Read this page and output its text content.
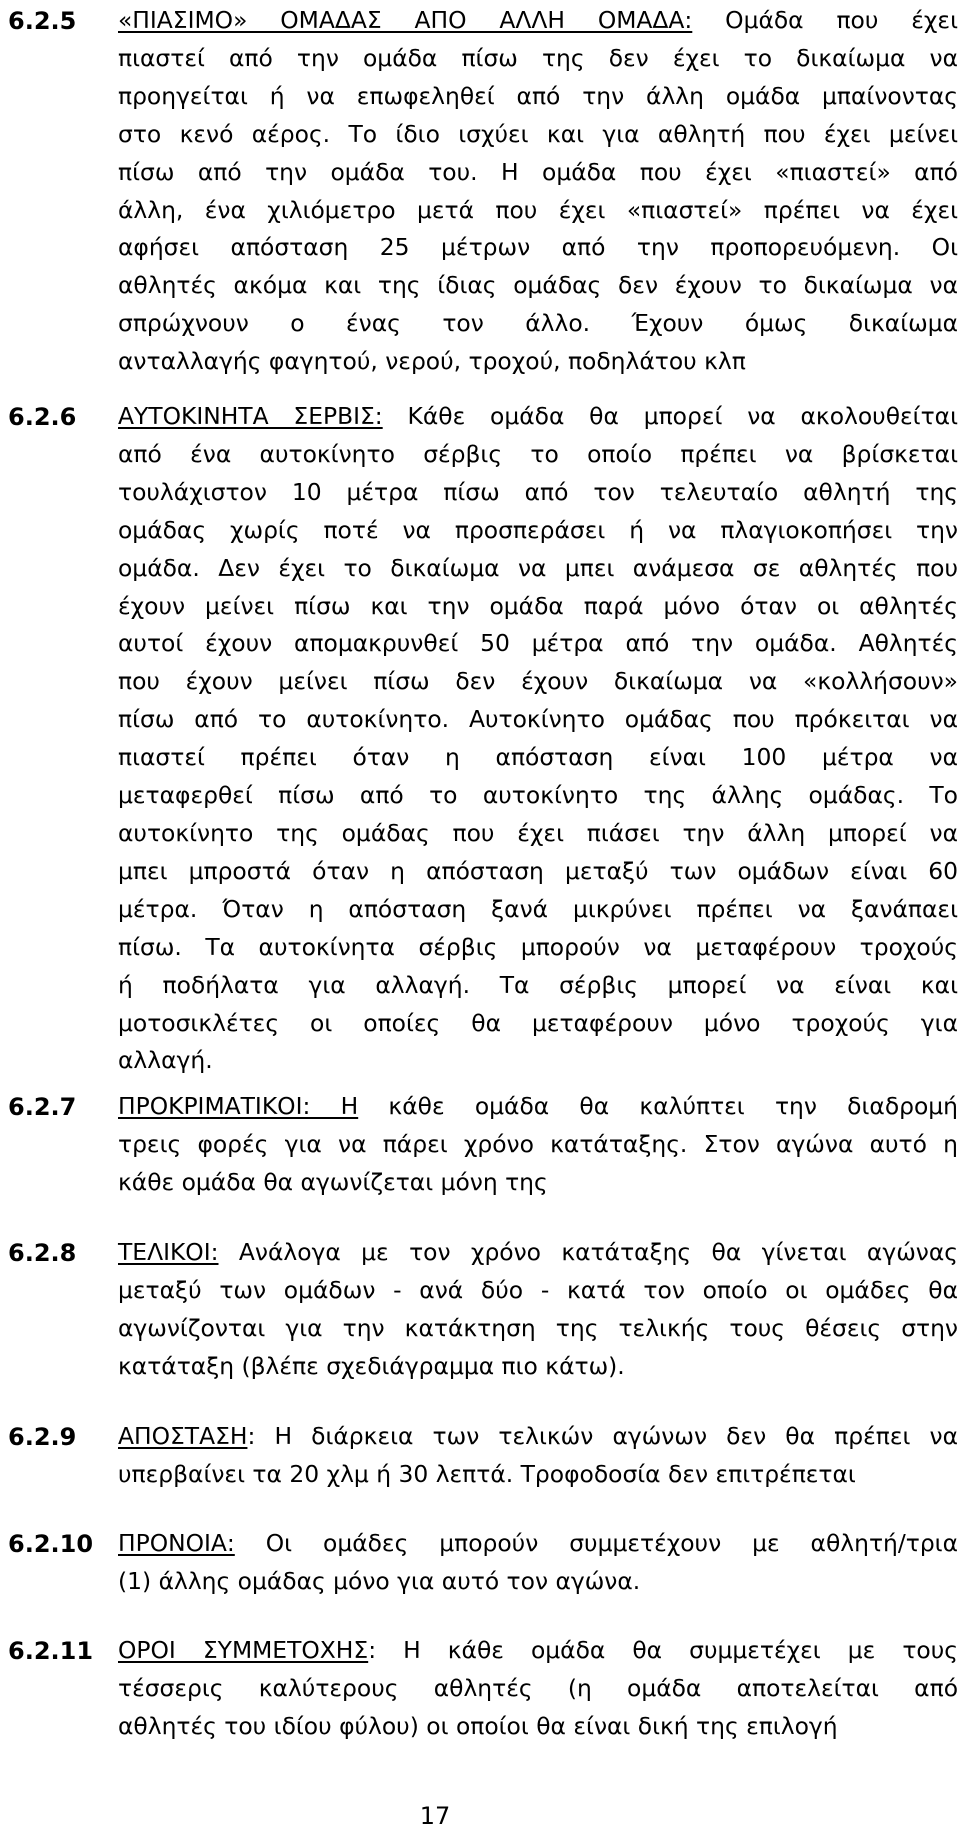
6.2.5	«ΠΙΑΣΙΜΟ» ΟΜΑΔΑΣ ΑΠΟ ΑΛΛΗ ΟΜΑΔΑ: Ομάδα που έχει
πιαστεί από την ομάδα πίσω της δεν έχει το δικαίωμα να
προηγείται ή να επωφεληθεί από την άλλη ομάδα μπαίνοντας
στο κενό αέρος. Το ίδιο ισχύει και για αθλητή που έχει μείνει
πίσω από την ομάδα του. Η ομάδα που έχει «πιαστεί» από
άλλη, ένα χιλιόμετρο μετά που έχει «πιαστεί» πρέπει να έχει
αφήσει απόσταση 25 μέτρων από την προπορευόμενη. Οι
αθλητές ακόμα και της ίδιας ομάδας δεν έχουν το δικαίωμα να
σπρώχνουν ο ένας τον άλλο. Έχουν όμως δικαίωμα
ανταλλαγής φαγητού, νερού, τροχού, ποδηλάτου κλπ
6.2.6	ΑΥΤΟΚΙΝΗΤΑ ΣΕΡΒΙΣ: Κάθε ομάδα θα μπορεί να ακολουθείται
από ένα αυτοκίνητο σέρβις το οποίο πρέπει να βρίσκεται
τουλάχιστον 10 μέτρα πίσω από τον τελευταίο αθλητή της
ομάδας χωρίς ποτέ να προσπεράσει ή να πλαγιοκοπήσει την
ομάδα. Δεν έχει το δικαίωμα να μπει ανάμεσα σε αθλητές που
έχουν μείνει πίσω και την ομάδα παρά μόνο όταν οι αθλητές
αυτοί έχουν απομακρυνθεί 50 μέτρα από την ομάδα. Αθλητές
που έχουν μείνει πίσω δεν έχουν δικαίωμα να «κολλήσουν»
πίσω από το αυτοκίνητο. Αυτοκίνητο ομάδας που πρόκειται να
πιαστεί πρέπει όταν η απόσταση είναι 100 μέτρα να
μεταφερθεί πίσω από το αυτοκίνητο της άλλης ομάδας. Το
αυτοκίνητο της ομάδας που έχει πιάσει την άλλη μπορεί να
μπει μπροστά όταν η απόσταση μεταξύ των ομάδων είναι 60
μέτρα. Όταν η απόσταση ξανά μικρύνει πρέπει να ξανάπαει
πίσω. Τα αυτοκίνητα σέρβις μπορούν να μεταφέρουν τροχούς
ή ποδήλατα για αλλαγή. Τα σέρβις μπορεί να είναι και
μοτοσικλέτες οι οποίες θα μεταφέρουν μόνο τροχούς για
αλλαγή.
6.2.7	ΠΡΟΚΡΙΜΑΤΙΚΟΙ: Η κάθε ομάδα θα καλύπτει την διαδρομή
τρεις φορές για να πάρει χρόνο κατάταξης. Στον αγώνα αυτό η
κάθε ομάδα θα αγωνίζεται μόνη της
6.2.8	ΤΕΛΙΚΟΙ: Ανάλογα με τον χρόνο κατάταξης θα γίνεται αγώνας
μεταξύ των ομάδων - ανά δύο - κατά τον οποίο οι ομάδες θα
αγωνίζονται για την κατάκτηση της τελικής τους θέσεις στην
κατάταξη (βλέπε σχεδιάγραμμα πιο κάτω).
6.2.9	ΑΠΟΣΤΑΣΗ: Η διάρκεια των τελικών αγώνων δεν θα πρέπει να
υπερβαίνει τα 20 χλμ ή 30 λεπτά. Τροφοδοσία δεν επιτρέπεται
6.2.10	ΠΡΟΝΟΙΑ: Οι ομάδες μπορούν συμμετέχουν με αθλητή/τρια
(1) άλλης ομάδας μόνο για αυτό τον αγώνα.
6.2.11	ΟΡΟΙ ΣΥΜΜΕΤΟΧΗΣ: Η κάθε ομάδα θα συμμετέχει με τους
τέσσερις καλύτερους αθλητές (η ομάδα αποτελείται από
αθλητές του ιδίου φύλου) οι οποίοι θα είναι δική της επιλογή
17
